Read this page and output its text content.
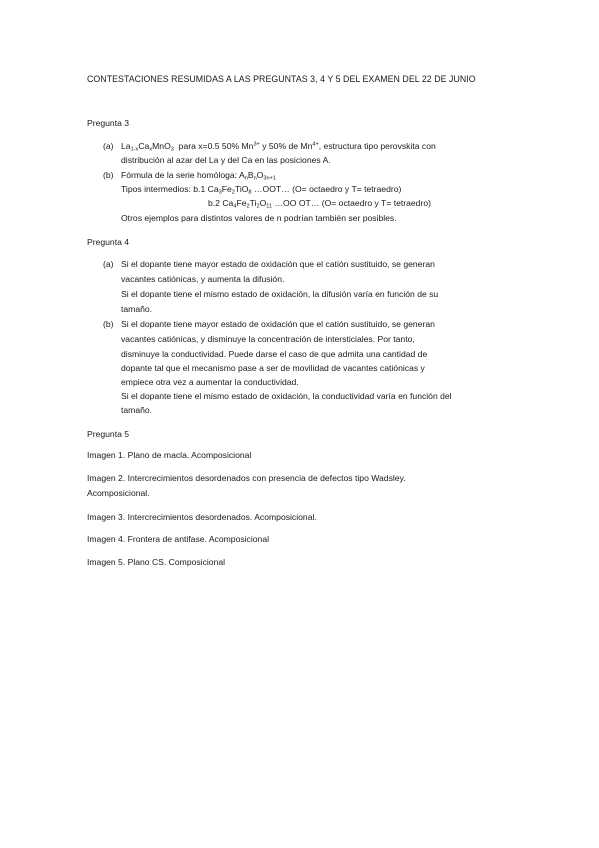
CONTESTACIONES RESUMIDAS A LAS PREGUNTAS 3, 4 Y 5 DEL EXAMEN DEL 22 DE JUNIO
Pregunta 3
(a) $La_{1-x}Ca_xMnO_3$ para x=0.5 50% $Mn^{3+}$ y 50% de $Mn^{4+}$, estructura tipo perovskita con
distribución al azar del La y del Ca en las posiciones A.
(b) Fórmula de la serie homóloga: $A_nB_nO_{3n+1}$
Tipos intermedios: b.1 $Ca_3Fe_2TiO_8$ …OOT… (O= octaedro y T= tetraedro)
b.2 $Ca_4Fe_2Ti_2O_{11}$ …OO OT… (O= octaedro y T= tetraedro)
Otros ejemplos para distintos valores de n podrían también ser posibles.
Pregunta 4
(a) Si el dopante tiene mayor estado de oxidación que el catión sustituido, se generan
vacantes catiónicas, y aumenta la difusión.
Si el dopante tiene el mismo estado de oxidación, la difusión varía en función de su
tamaño.
(b) Si el dopante tiene mayor estado de oxidación que el catión sustituido, se generan
vacantes catiónicas, y disminuye la concentración de intersticiales. Por tanto,
disminuye la conductividad. Puede darse el caso de que admita una cantidad de
dopante tal que el mecanismo pase a ser de movilidad de vacantes catiónicas y
empiece otra vez a aumentar la conductividad.
Si el dopante tiene el mismo estado de oxidación, la conductividad varía en función del
tamaño.
Pregunta 5
Imagen 1. Plano de macla. Acomposicional
Imagen 2. Intercrecimientos desordenados con presencia de defectos tipo Wadsley.
Acomposicional.
Imagen 3. Intercrecimientos desordenados. Acomposicional.
Imagen 4. Frontera de antifase. Acomposicional
Imagen 5. Plano CS. Composicional
